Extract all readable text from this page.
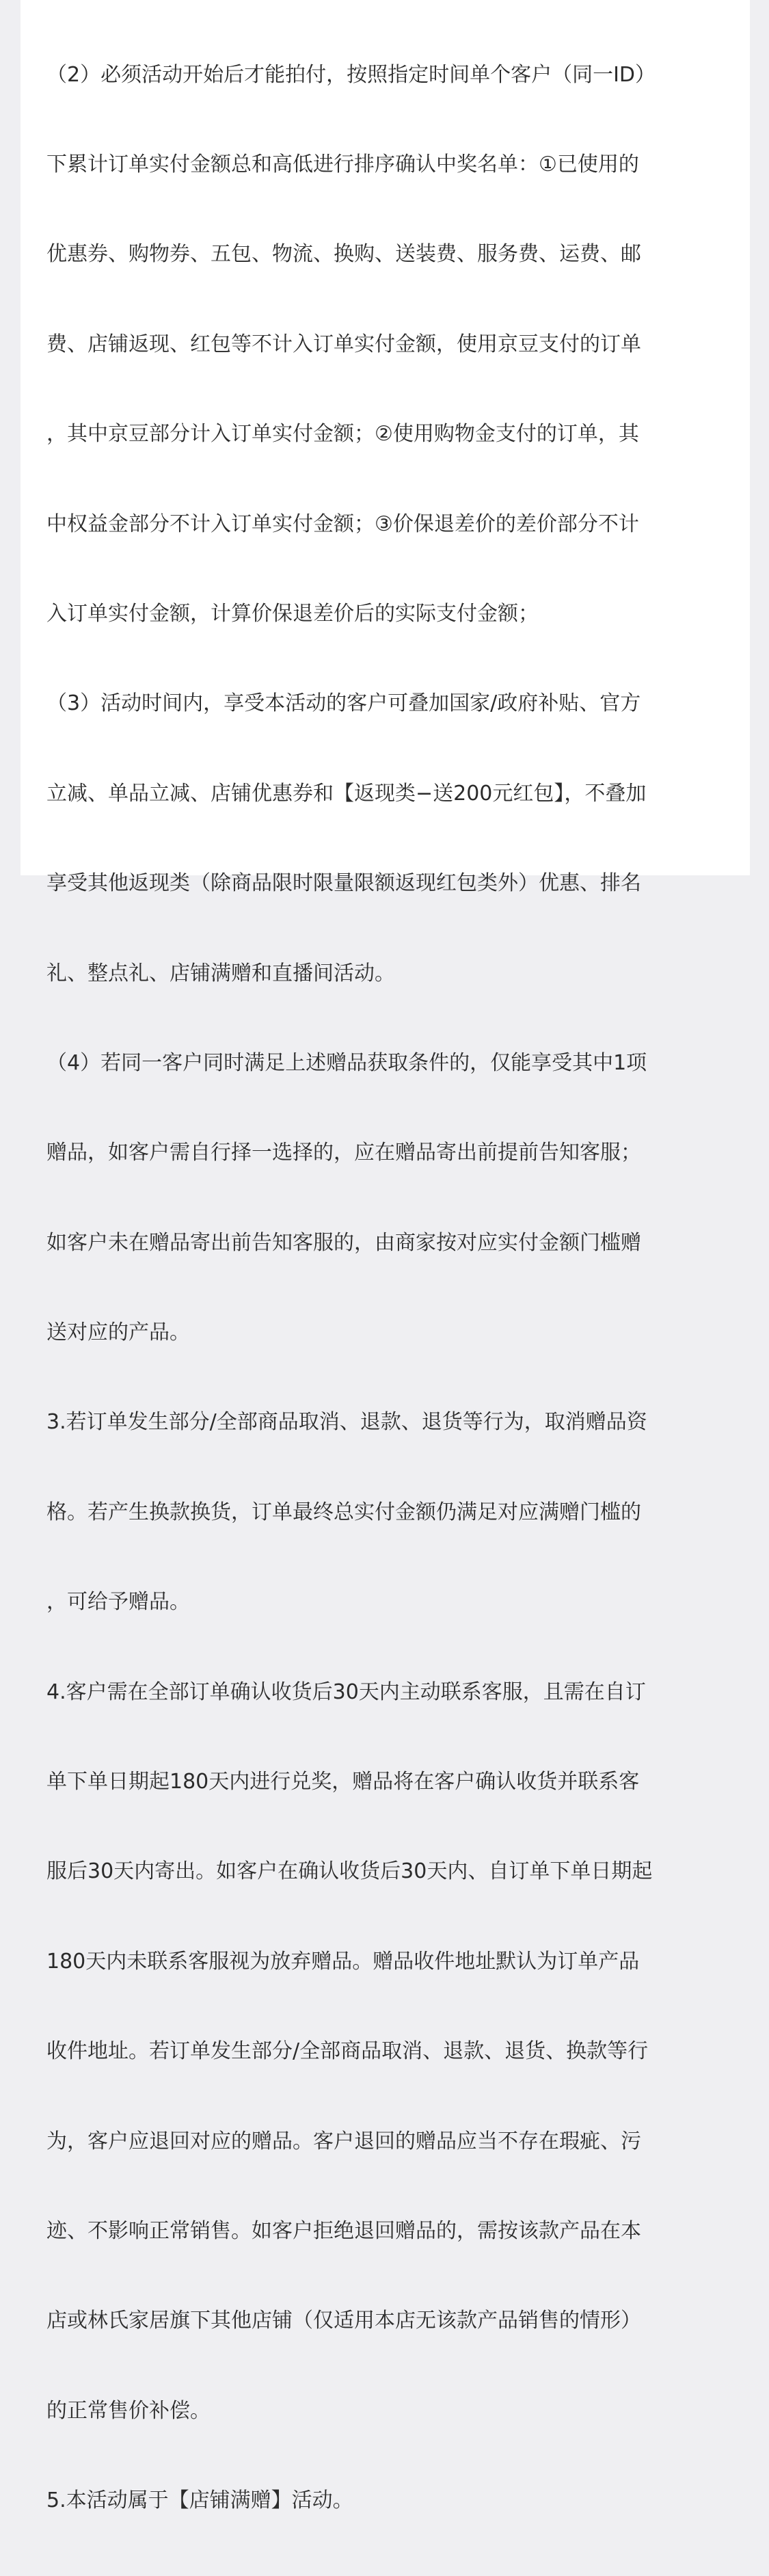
（2）必须活动开始后才能拍付，按照指定时间单个客户（同一ID）

下累计订单实付金额总和高低进行排序确认中奖名单：①已使用的

优惠券、购物券、五包、物流、换购、送装费、服务费、运费、邮

费、店铺返现、红包等不计入订单实付金额，使用京豆支付的订单

，其中京豆部分计入订单实付金额；②使用购物金支付的订单，其

中权益金部分不计入订单实付金额；③价保退差价的差价部分不计

入订单实付金额，计算价保退差价后的实际支付金额；

（3）活动时间内，享受本活动的客户可叠加国家/政府补贴、官方

立减、单品立减、店铺优惠券和【返现类−送200元红包】，不叠加

享受其他返现类（除商品限时限量限额返现红包类外）优惠、排名

礼、整点礼、店铺满赠和直播间活动。

（4）若同一客户同时满足上述赠品获取条件的，仅能享受其中1项

赠品，如客户需自行择一选择的，应在赠品寄出前提前告知客服；

如客户未在赠品寄出前告知客服的，由商家按对应实付金额门槛赠

送对应的产品。

3.若订单发生部分/全部商品取消、退款、退货等行为，取消赠品资

格。若产生换款换货，订单最终总实付金额仍满足对应满赠门槛的

，可给予赠品。

4.客户需在全部订单确认收货后30天内主动联系客服，且需在自订

单下单日期起180天内进行兑奖，赠品将在客户确认收货并联系客

服后30天内寄出。如客户在确认收货后30天内、自订单下单日期起

180天内未联系客服视为放弃赠品。赠品收件地址默认为订单产品

收件地址。若订单发生部分/全部商品取消、退款、退货、换款等行

为，客户应退回对应的赠品。客户退回的赠品应当不存在瑕疵、污

迹、不影响正常销售。如客户拒绝退回赠品的，需按该款产品在本

店或林氏家居旗下其他店铺（仅适用本店无该款产品销售的情形）

的正常售价补偿。

5.本活动属于【店铺满赠】活动。
